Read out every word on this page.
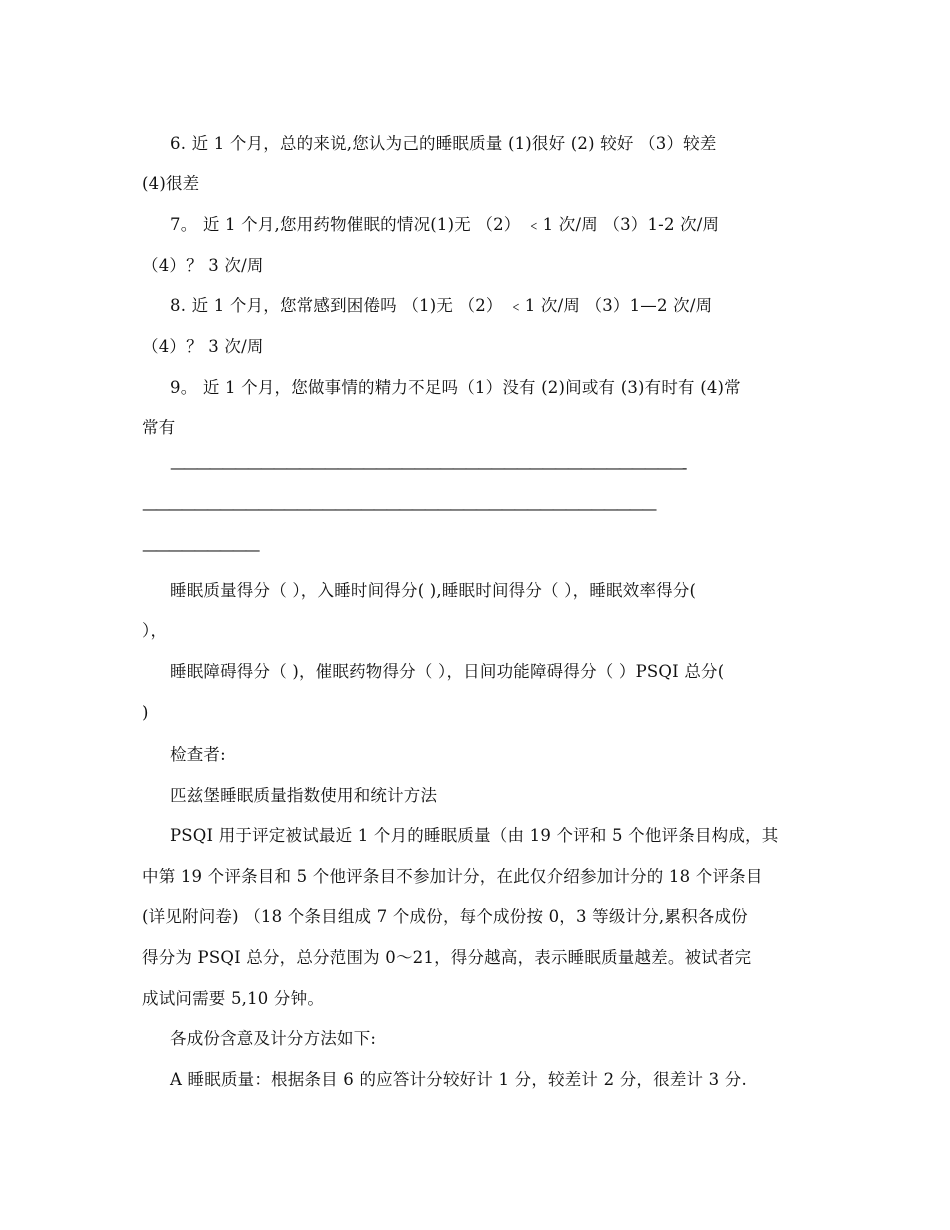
6. 近 1 个月，总的来说,您认为己的睡眠质量 (1)很好 (2) 较好 （3）较差
(4)很差
7。 近 1 个月,您用药物催眠的情况(1)无 （2） ﹤1 次/周 （3）1-2 次/周
（4）？ 3 次/周
8. 近 1 个月，您常感到困倦吗 （1)无 （2） ﹤1 次/周 （3）1—2 次/周
（4）？ 3 次/周
9。 近 1 个月，您做事情的精力不足吗（1）没有 (2)间或有 (3)有时有 (4)常
常有
————————————————————————————————————————-
————————————————————————————————————————
—————————
睡眠质量得分（ ），入睡时间得分( ),睡眠时间得分（ ），睡眠效率得分(
），
睡眠障碍得分（ )，催眠药物得分（ ），日间功能障碍得分（ ）PSQI 总分(
)
检查者:
匹兹堡睡眠质量指数使用和统计方法
PSQI 用于评定被试最近 1 个月的睡眠质量（由 19 个评和 5 个他评条目构成，其
中第 19 个评条目和 5 个他评条目不参加计分，在此仅介绍参加计分的 18 个评条目
(详见附问卷) （18 个条目组成 7 个成份，每个成份按 0，3 等级计分,累积各成份
得分为 PSQI 总分，总分范围为 0～21，得分越高，表示睡眠质量越差。被试者完
成试问需要 5,10 分钟。
各成份含意及计分方法如下:
A 睡眠质量：根据条目 6 的应答计分较好计 1 分，较差计 2 分，很差计 3 分.
